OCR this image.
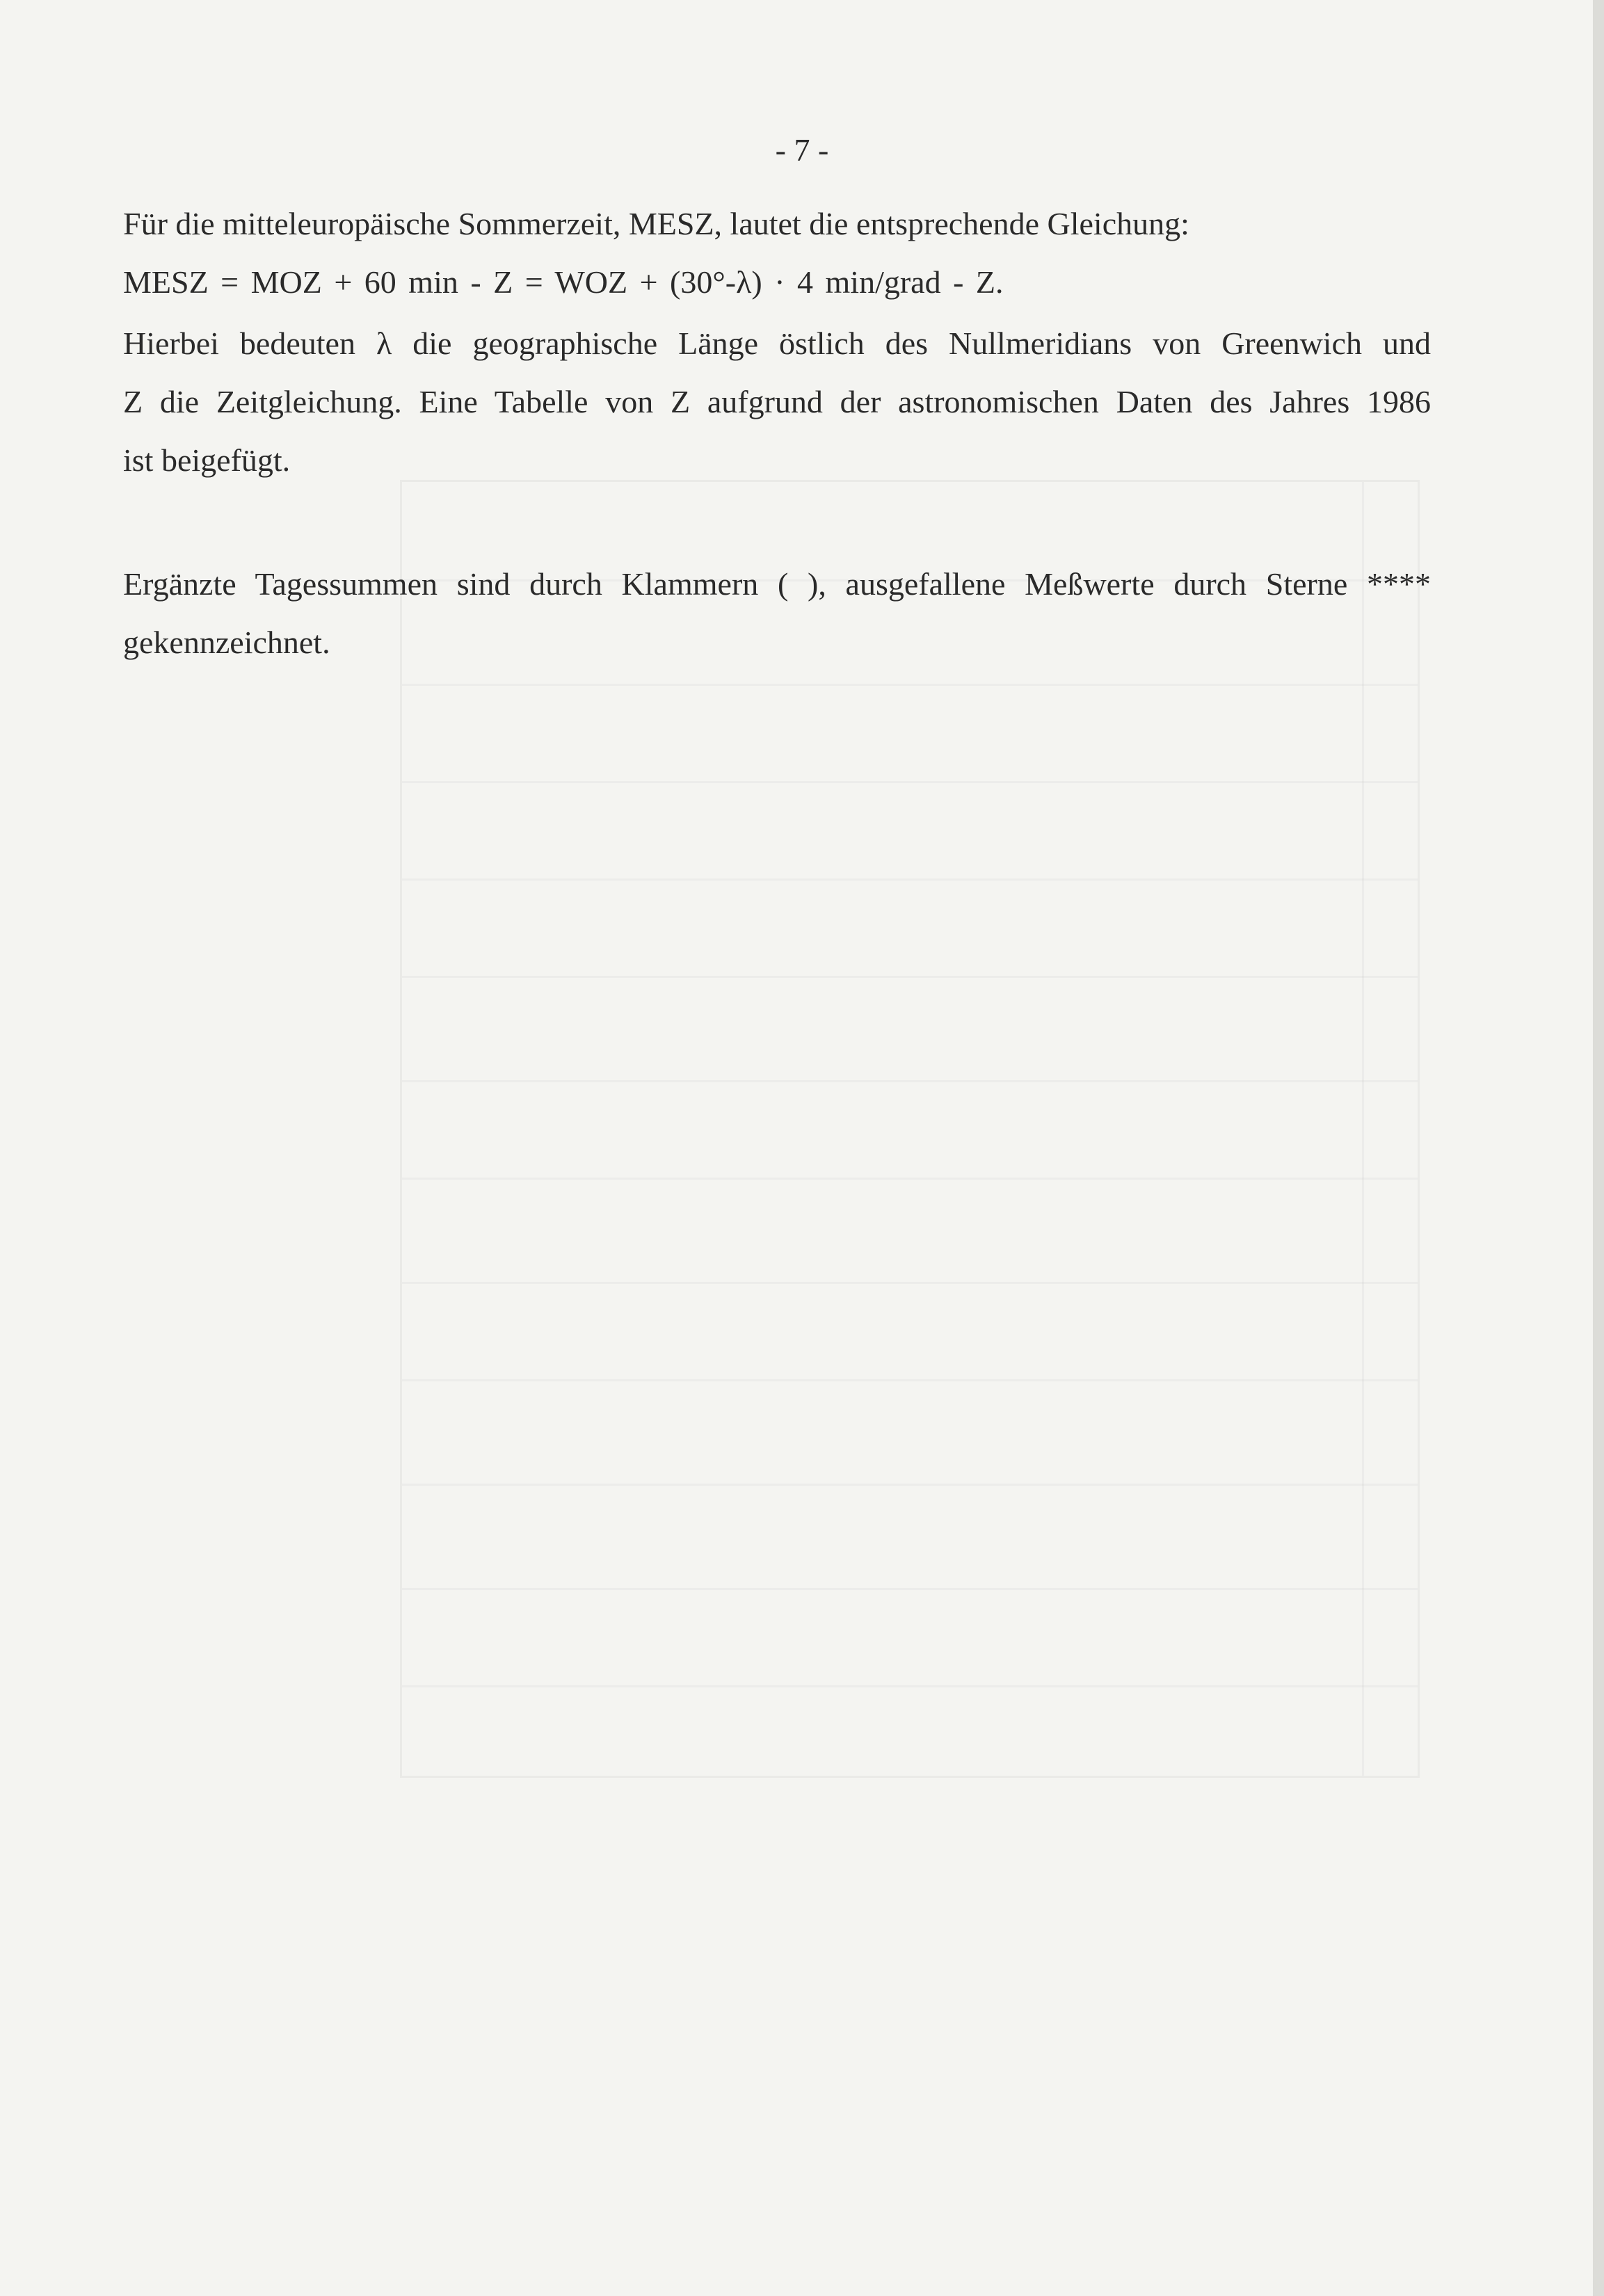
- 7 -
Für die mitteleuropäische Sommerzeit, MESZ, lautet die entsprechende Gleichung:
MESZ = MOZ + 60 min - Z = WOZ + (30°-λ) · 4 min/grad - Z.
Hierbei bedeuten λ die geographische Länge östlich des Nullmeridians von Greenwich und
Z die Zeitgleichung. Eine Tabelle von Z aufgrund der astronomischen Daten des Jahres 1986
ist beigefügt.
Ergänzte Tagessummen sind durch Klammern ( ), ausgefallene Meßwerte durch Sterne ****
gekennzeichnet.
